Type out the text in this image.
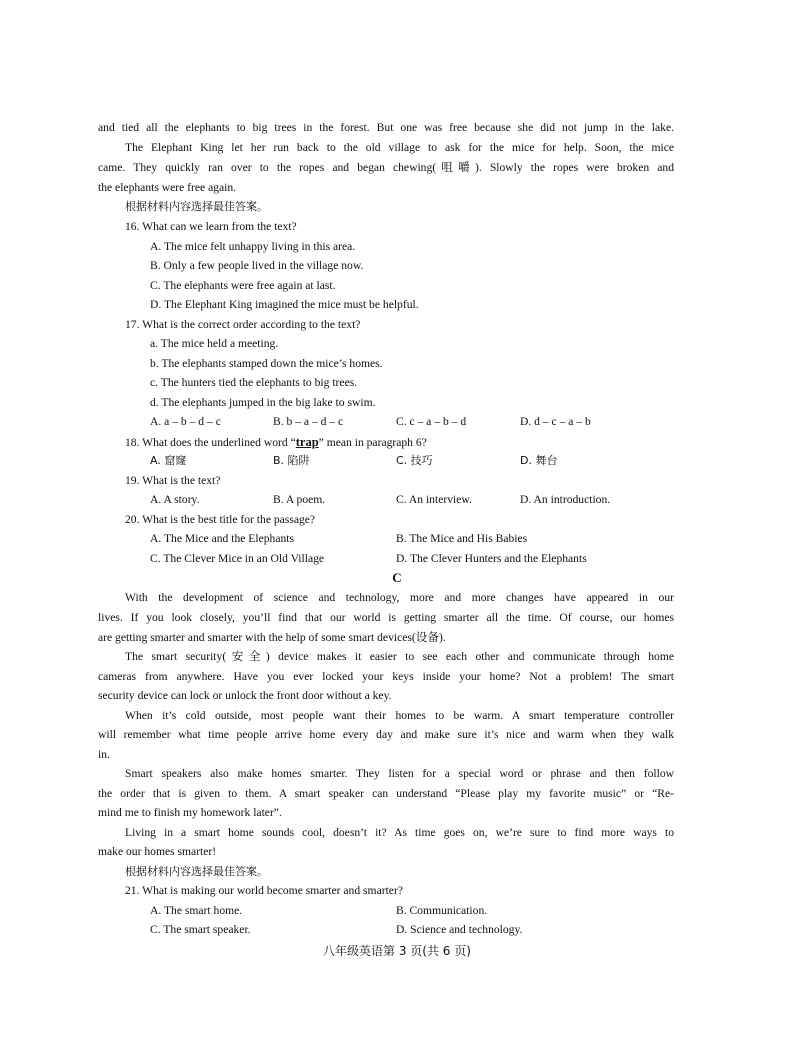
and tied all the elephants to big trees in the forest. But one was free because she did not jump in the lake.
The Elephant King let her run back to the old village to ask for the mice for help. Soon, the mice
came. They quickly ran over to the ropes and began chewing(咀嚼). Slowly the ropes were broken and
the elephants were free again.
根据材料内容选择最佳答案。
16. What can we learn from the text?
A. The mice felt unhappy living in this area.
B. Only a few people lived in the village now.
C. The elephants were free again at last.
D. The Elephant King imagined the mice must be helpful.
17. What is the correct order according to the text?
a. The mice held a meeting.
b. The elephants stamped down the mice’s homes.
c. The hunters tied the elephants to big trees.
d. The elephants jumped in the big lake to swim.
A. a – b – d – c	B. b – a – d – c	C. c – a – b – d	D. d – c – a – b
18. What does the underlined word “trap” mean in paragraph 6?
A. 窟窿	B. 陷阱	C. 技巧	D. 舞台
19. What is the text?
A. A story.	B. A poem.	C. An interview.	D. An introduction.
20. What is the best title for the passage?
A. The Mice and the Elephants	B. The Mice and His Babies
C. The Clever Mice in an Old Village	D. The Clever Hunters and the Elephants
C
With the development of science and technology, more and more changes have appeared in our
lives. If you look closely, you’ll find that our world is getting smarter all the time. Of course, our homes
are getting smarter and smarter with the help of some smart devices(设备).
The smart security(安全) device makes it easier to see each other and communicate through home
cameras from anywhere. Have you ever locked your keys inside your home? Not a problem! The smart
security device can lock or unlock the front door without a key.
When it’s cold outside, most people want their homes to be warm. A smart temperature controller
will remember what time people arrive home every day and make sure it’s nice and warm when they walk
in.
Smart speakers also make homes smarter. They listen for a special word or phrase and then follow
the order that is given to them. A smart speaker can understand “Please play my favorite music” or “Re-
mind me to finish my homework later”.
Living in a smart home sounds cool, doesn’t it? As time goes on, we’re sure to find more ways to
make our homes smarter!
根据材料内容选择最佳答案。
21. What is making our world become smarter and smarter?
A. The smart home.	B. Communication.
C. The smart speaker.	D. Science and technology.
八年级英语第 3 页(共 6 页)
